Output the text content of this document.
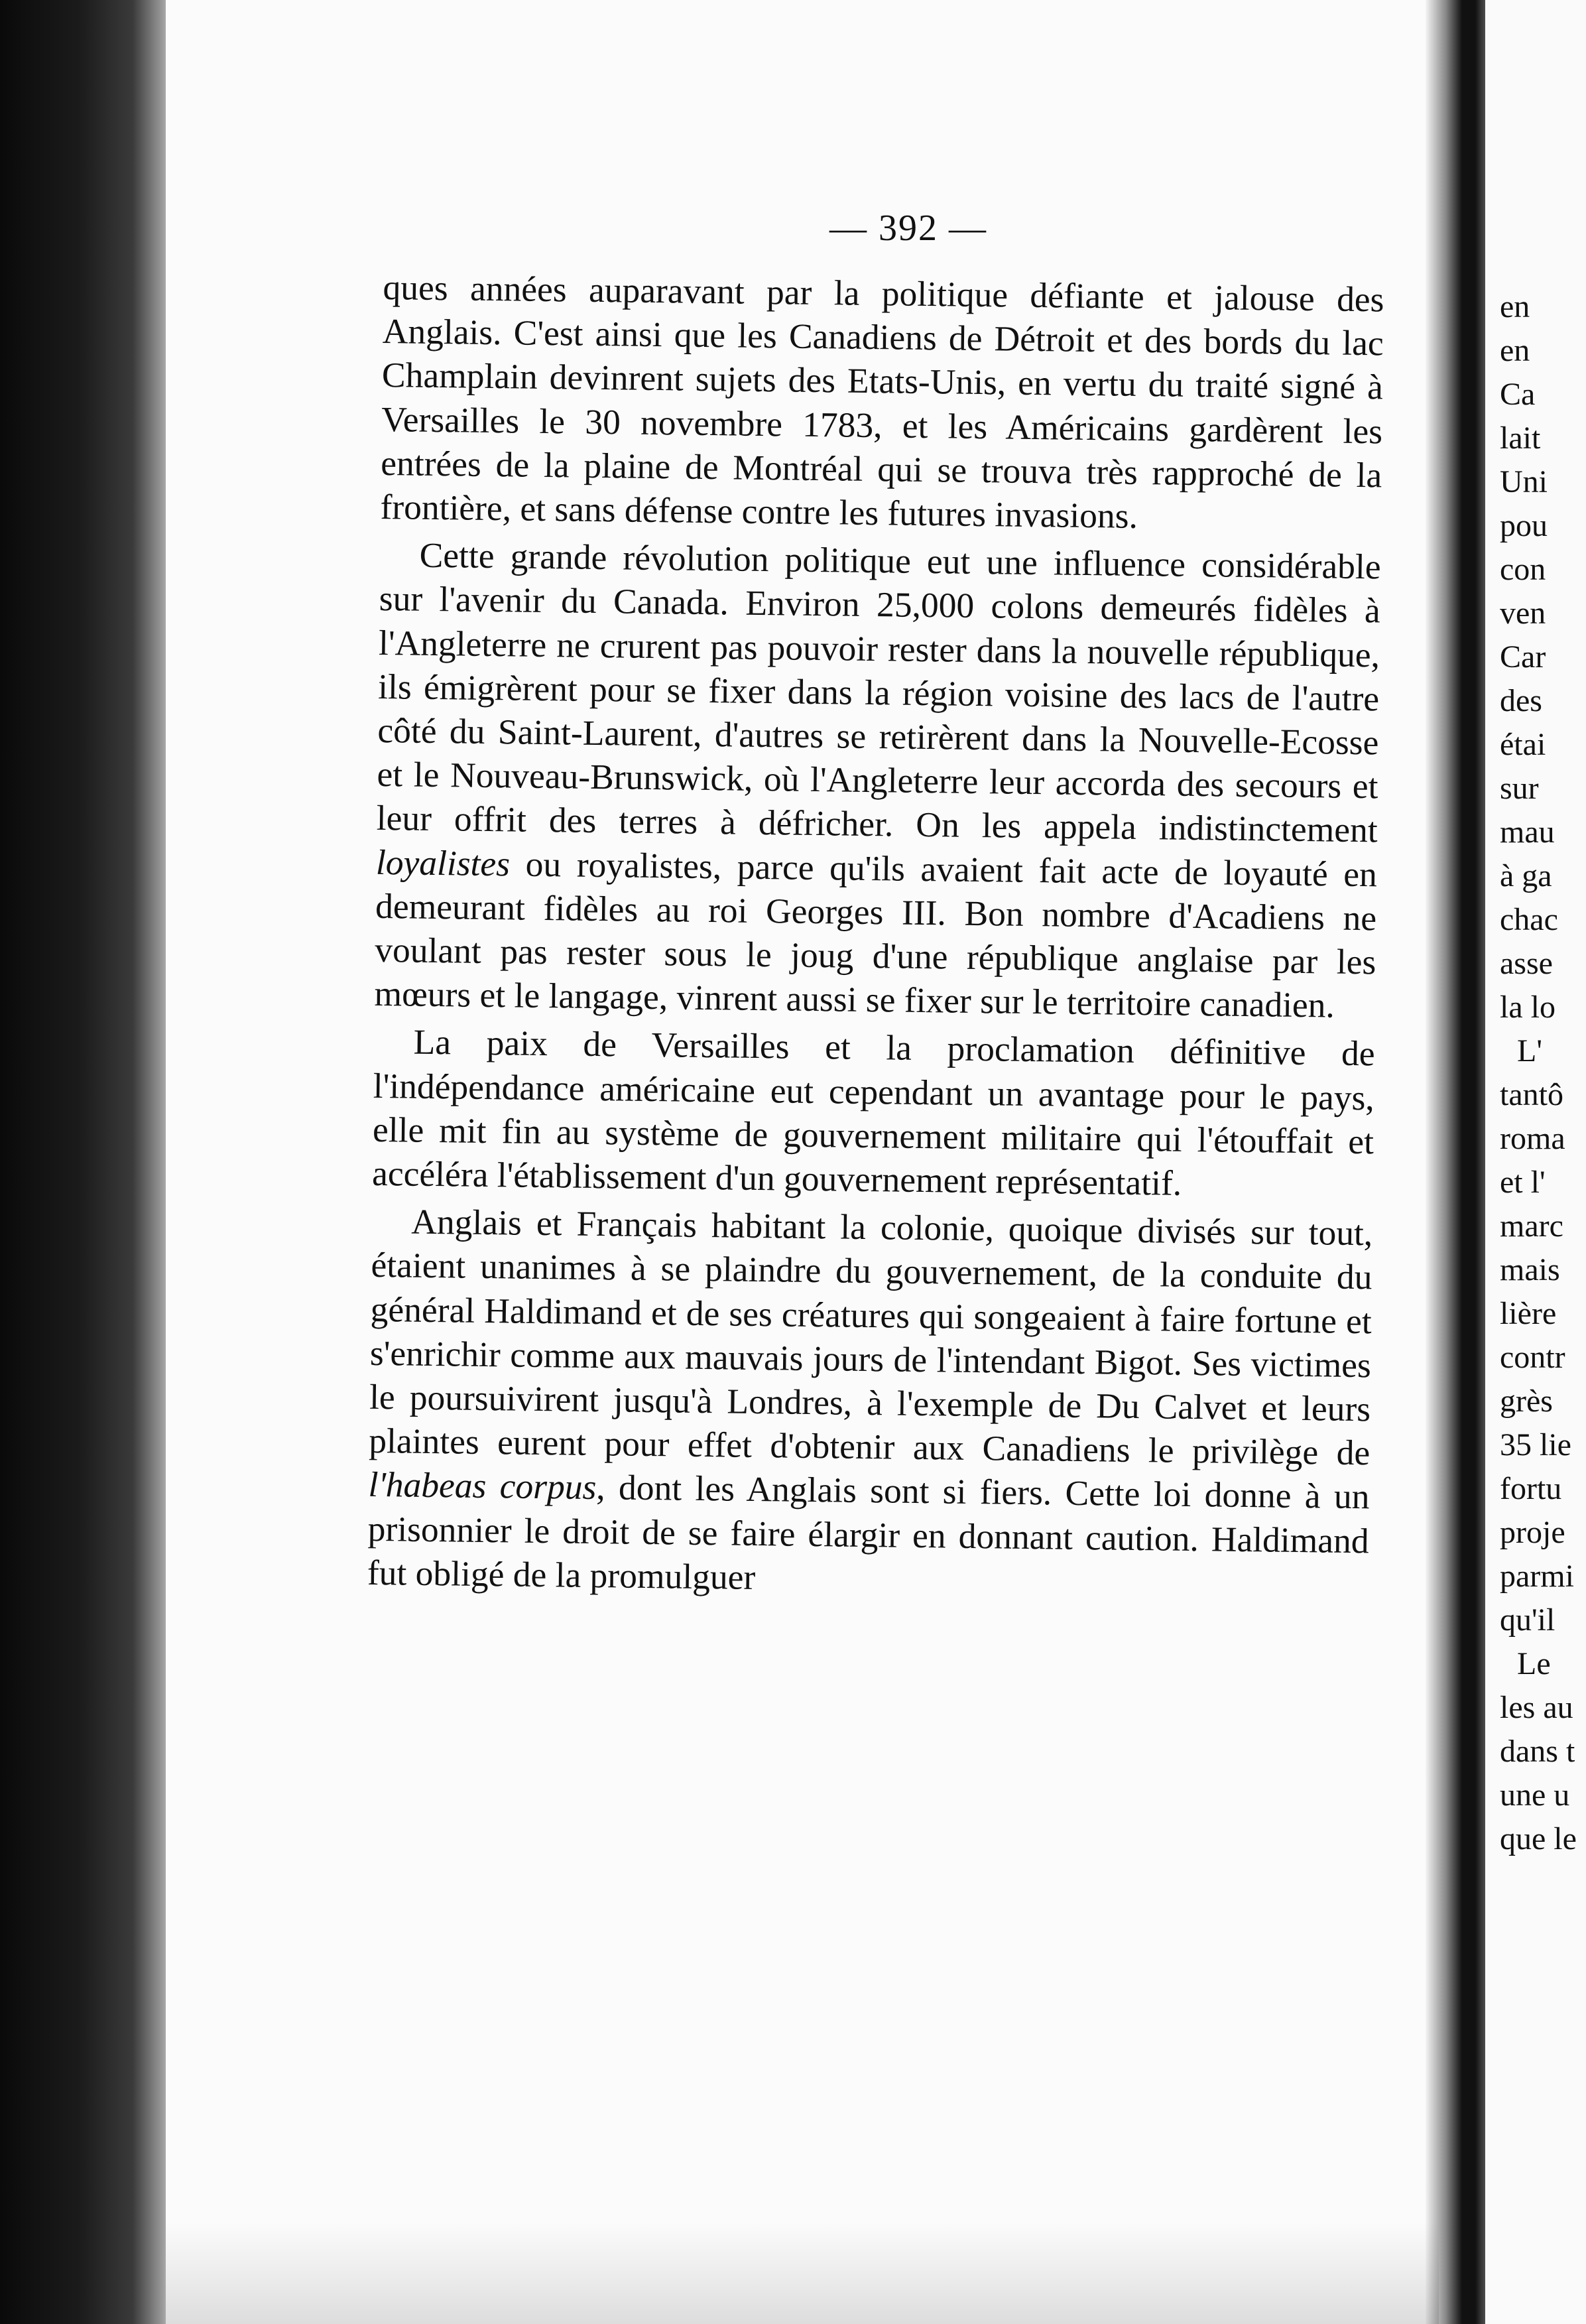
en
en
Ca
lait
Uni
pou
con
ven
Car
des
étai
sur
mau
à ga
chac
asse
la lo
L'
tantô
roma
et l'
marc
mais
lière
contr
grès
35 lie
fortu
proje
parmi
qu'il
Le
les au
dans t
une u
que le
— 392 —

ques années auparavant par la politique défiante et jalouse des Anglais. C'est ainsi que les Canadiens de Détroit et des bords du lac Champlain devinrent sujets des Etats-Unis, en vertu du traité signé à Versailles le 30 novembre 1783, et les Américains gardèrent les entrées de la plaine de Montréal qui se trouva très rapproché de la frontière, et sans défense contre les futures invasions.

Cette grande révolution politique eut une influence considérable sur l'avenir du Canada. Environ 25,000 colons demeurés fidèles à l'Angleterre ne crurent pas pouvoir rester dans la nouvelle république, ils émigrèrent pour se fixer dans la région voisine des lacs de l'autre côté du Saint-Laurent, d'autres se retirèrent dans la Nouvelle-Ecosse et le Nouveau-Brunswick, où l'Angleterre leur accorda des secours et leur offrit des terres à défricher. On les appela indistinctement loyalistes ou royalistes, parce qu'ils avaient fait acte de loyauté en demeurant fidèles au roi Georges III. Bon nombre d'Acadiens ne voulant pas rester sous le joug d'une république anglaise par les mœurs et le langage, vinrent aussi se fixer sur le territoire canadien.

La paix de Versailles et la proclamation définitive de l'indépendance américaine eut cependant un avantage pour le pays, elle mit fin au système de gouvernement militaire qui l'étouffait et accéléra l'établissement d'un gouvernement représentatif.

Anglais et Français habitant la colonie, quoique divisés sur tout, étaient unanimes à se plaindre du gouvernement, de la conduite du général Haldimand et de ses créatures qui songeaient à faire fortune et s'enrichir comme aux mauvais jours de l'intendant Bigot. Ses victimes le poursuivirent jusqu'à Londres, à l'exemple de Du Calvet et leurs plaintes eurent pour effet d'obtenir aux Canadiens le privilège de l'habeas corpus, dont les Anglais sont si fiers. Cette loi donne à un prisonnier le droit de se faire élargir en donnant caution. Haldimand fut obligé de la promulguer
